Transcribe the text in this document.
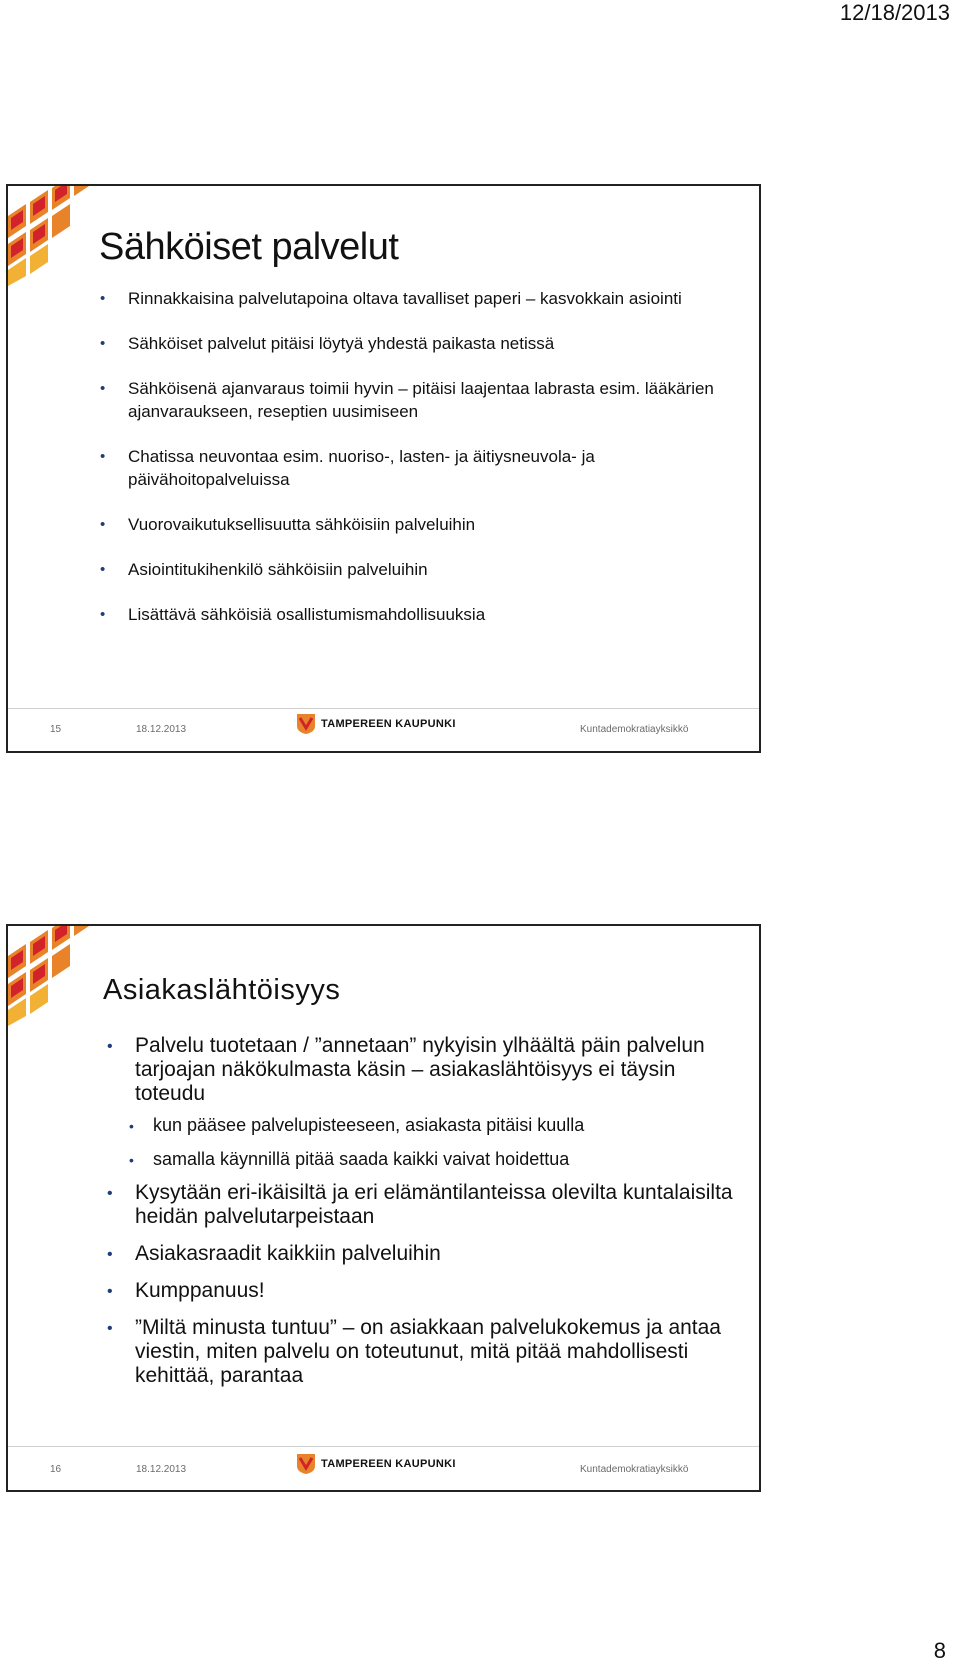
12/18/2013
Sähköiset palvelut
• Rinnakkaisina palvelutapoina oltava tavalliset paperi – kasvokkain asiointi
• Sähköiset palvelut pitäisi löytyä yhdestä paikasta netissä
• Sähköisenä ajanvaraus toimii hyvin – pitäisi laajentaa labrasta esim. lääkärien ajanvaraukseen, reseptien uusimiseen
• Chatissa neuvontaa esim. nuoriso-, lasten- ja äitiysneuvola- ja päivähoitopalveluissa
• Vuorovaikutuksellisuutta sähköisiin palveluihin
• Asiointitukihenkilö sähköisiin palveluihin
• Lisättävä sähköisiä osallistumismahdollisuuksia
15	18.12.2013	TAMPEREEN KAUPUNKI	Kuntademokratiayksikkö
Asiakaslähtöisyys
• Palvelu tuotetaan / ”annetaan” nykyisin ylhäältä päin palvelun tarjoajan näkökulmasta käsin – asiakaslähtöisyys ei täysin toteudu
• kun pääsee palvelupisteeseen, asiakasta pitäisi kuulla
• samalla käynnillä pitää saada kaikki vaivat hoidettua
• Kysytään eri-ikäisiltä ja eri elämäntilanteissa olevilta kuntalaisilta heidän palvelutarpeistaan
• Asiakasraadit kaikkiin palveluihin
• Kumppanuus!
• ”Miltä minusta tuntuu” – on asiakkaan palvelukokemus ja antaa viestin, miten palvelu on toteutunut, mitä pitää mahdollisesti kehittää, parantaa
16	18.12.2013	TAMPEREEN KAUPUNKI	Kuntademokratiayksikkö
8
